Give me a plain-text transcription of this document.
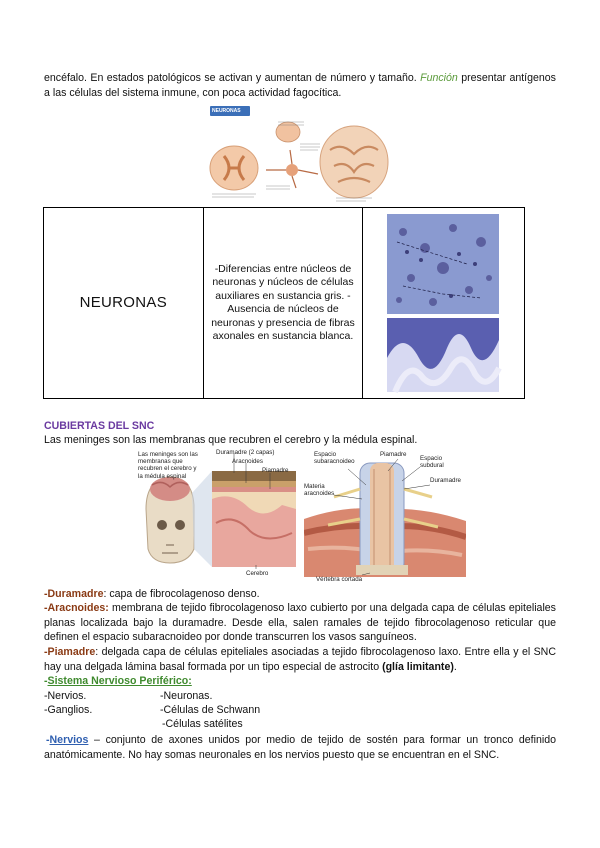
encéfalo. En estados patológicos se activan y aumentan de número y tamaño. Función presentar antígenos a las células del sistema inmune, con poca actividad fagocítica.

NEURONAS
NEURONAS	
-Diferencias entre núcleos de neuronas y núcleos de células auxiliares en sustancia gris. -Ausencia de núcleos de neuronas y presencia de fibras axonales en sustancia blanca.

CUBIERTAS DEL SNC
Las meninges son las membranas que recubren el cerebro y la médula espinal.
Las meninges son las membranas que recubren el cerebro y la médula espinal
Duramadre (2 capas)
Aracnoides
Piamadre
Cerebro
Espacio subaracnoideo
Piamadre
Espacio subdural
Duramadre
Materia aracnoides
Vértebra cortada

-Duramadre: capa de fibrocolagenoso denso.

-Aracnoides: membrana de tejido fibrocolagenoso laxo cubierto por una delgada capa de células epiteliales planas localizada bajo la duramadre. Desde ella, salen ramales de tejido fibrocolagenoso reticular que definen el espacio subaracnoideo por donde transcurren los vasos sanguíneos.

-Piamadre: delgada capa de células epiteliales asociadas a tejido fibrocolagenoso laxo. Entre ella y el SNC hay una delgada lámina basal formada por un tipo especial de astrocito (glía limitante).

-Sistema Nervioso Periférico:
-Nervios.	-Neuronas.
-Ganglios.	-Células de Schwann
-Células satélites

-Nervios – conjunto de axones unidos por medio de tejido de sostén para formar un tronco definido anatómicamente. No hay somas neuronales en los nervios puesto que se encuentran en el SNC.
